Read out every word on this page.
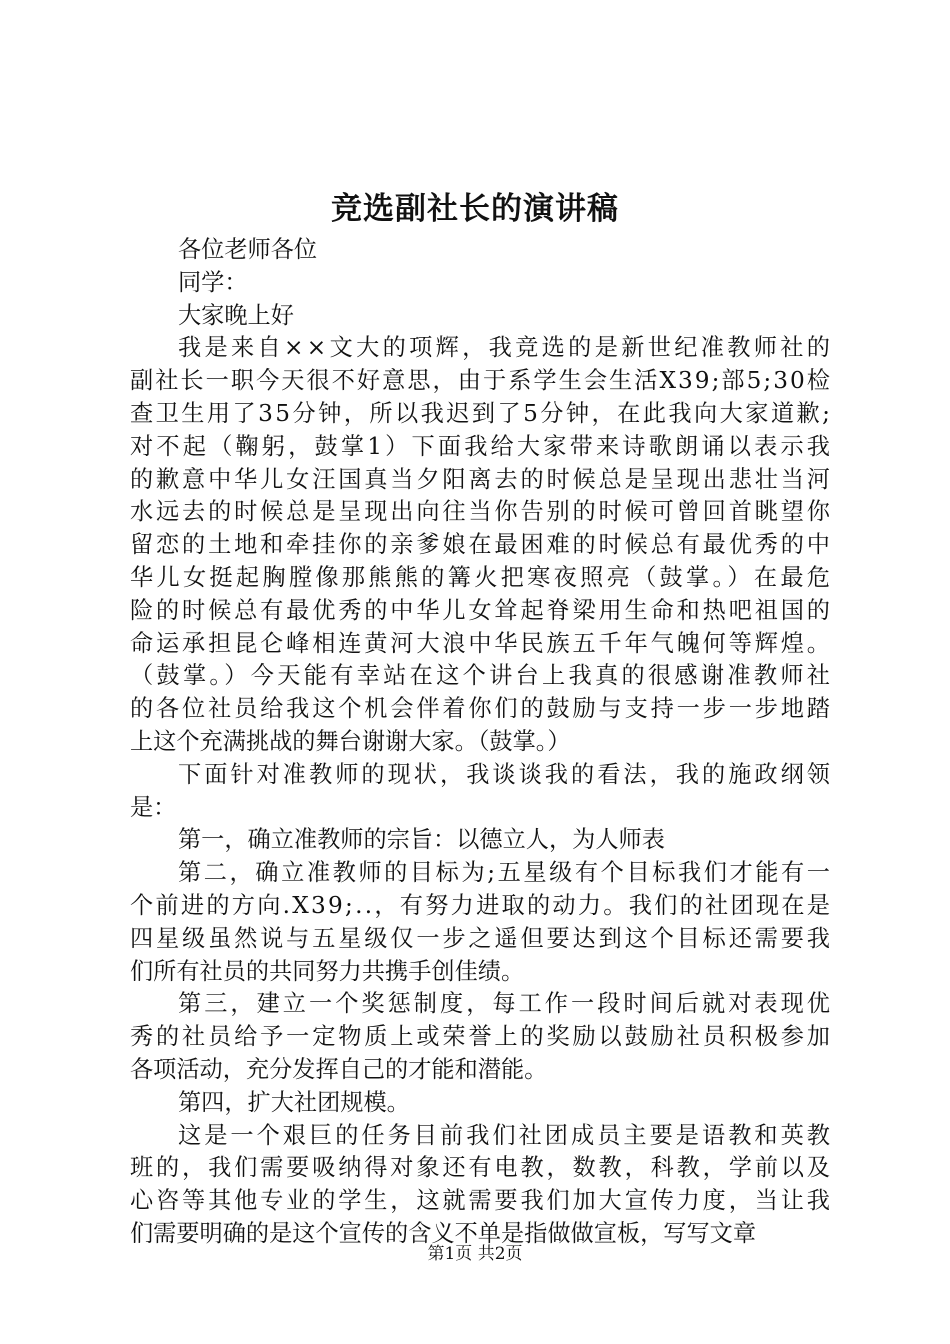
竞选副社长的演讲稿

各位老师各位

同学：

大家晚上好

我是来自××文大的项辉，我竞选的是新世纪准教师社的

副社长一职今天很不好意思，由于系学生会生活X39;部5;30检

查卫生用了35分钟，所以我迟到了5分钟，在此我向大家道歉;

对不起（鞠躬，鼓掌1）下面我给大家带来诗歌朗诵以表示我

的歉意中华儿女汪国真当夕阳离去的时候总是呈现出悲壮当河

水远去的时候总是呈现出向往当你告别的时候可曾回首眺望你

留恋的土地和牵挂你的亲爹娘在最困难的时候总有最优秀的中

华儿女挺起胸膛像那熊熊的篝火把寒夜照亮（鼓掌。）在最危

险的时候总有最优秀的中华儿女耸起脊梁用生命和热吧祖国的

命运承担昆仑峰相连黄河大浪中华民族五千年气魄何等辉煌。

（鼓掌。）今天能有幸站在这个讲台上我真的很感谢准教师社

的各位社员给我这个机会伴着你们的鼓励与支持一步一步地踏

上这个充满挑战的舞台谢谢大家。（鼓掌。）

下面针对准教师的现状，我谈谈我的看法，我的施政纲领

是：

第一，确立准教师的宗旨：以德立人，为人师表

第二，确立准教师的目标为;五星级有个目标我们才能有一

个前进的方向.X39;..，有努力进取的动力。我们的社团现在是

四星级虽然说与五星级仅一步之遥但要达到这个目标还需要我

们所有社员的共同努力共携手创佳绩。

第三，建立一个奖惩制度，每工作一段时间后就对表现优

秀的社员给予一定物质上或荣誉上的奖励以鼓励社员积极参加

各项活动，充分发挥自己的才能和潜能。

第四，扩大社团规模。

这是一个艰巨的任务目前我们社团成员主要是语教和英教

班的，我们需要吸纳得对象还有电教，数教，科教，学前以及

心咨等其他专业的学生，这就需要我们加大宣传力度，当让我

们需要明确的是这个宣传的含义不单是指做做宣板，写写文章

第1页 共2页
